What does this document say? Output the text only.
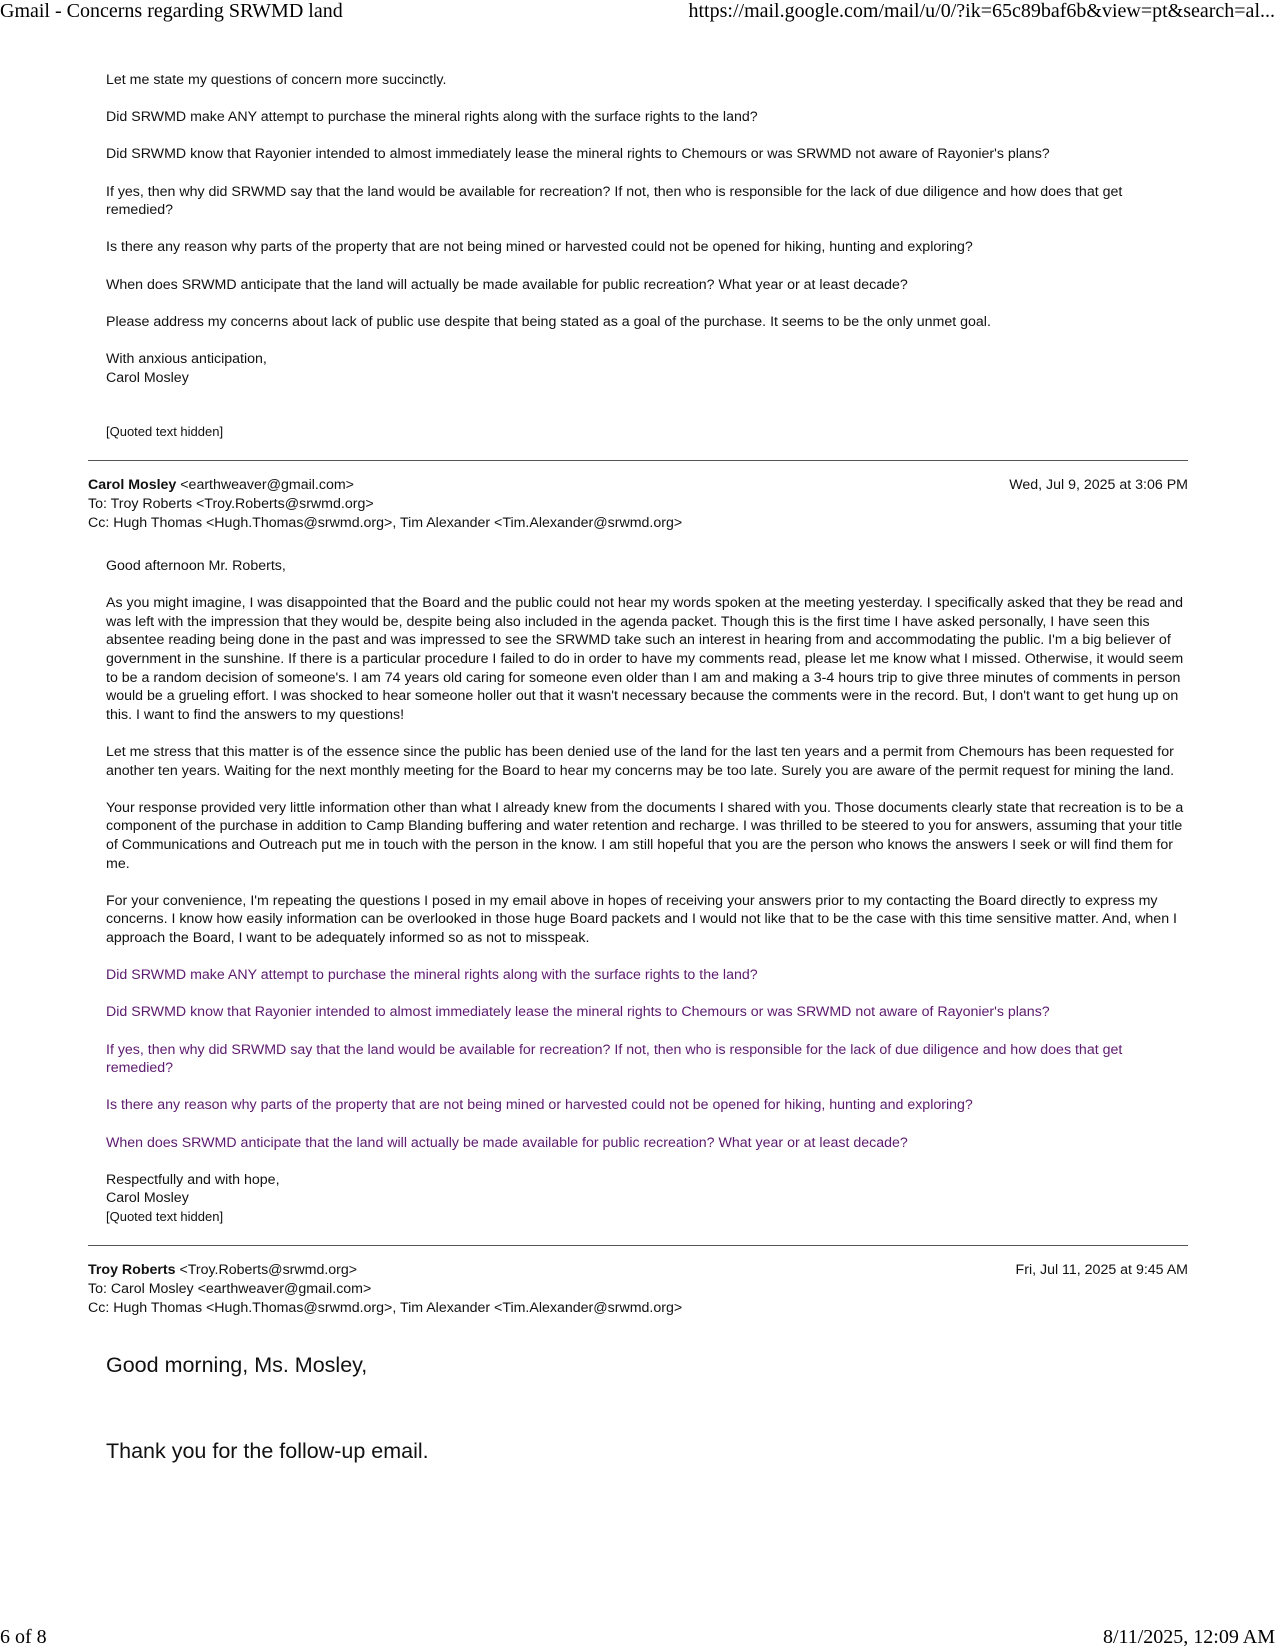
Gmail - Concerns regarding SRWMD land	https://mail.google.com/mail/u/0/?ik=65c89baf6b&view=pt&search=al...

Let me state my questions of concern more succinctly.

Did SRWMD make ANY attempt to purchase the mineral rights along with the surface rights to the land?

Did SRWMD know that Rayonier intended to almost immediately lease the mineral rights to Chemours or was SRWMD not aware of Rayonier's plans?

If yes, then why did SRWMD say that the land would be available for recreation? If not, then who is responsible for the lack of due diligence and how does that get remedied?

Is there any reason why parts of the property that are not being mined or harvested could not be opened for hiking, hunting and exploring?

When does SRWMD anticipate that the land will actually be made available for public recreation? What year or at least decade?

Please address my concerns about lack of public use despite that being stated as a goal of the purchase. It seems to be the only unmet goal.

With anxious anticipation,
Carol Mosley
[Quoted text hidden]
Carol Mosley <earthweaver@gmail.com>	Wed, Jul 9, 2025 at 3:06 PM
To: Troy Roberts <Troy.Roberts@srwmd.org>
Cc: Hugh Thomas <Hugh.Thomas@srwmd.org>, Tim Alexander <Tim.Alexander@srwmd.org>

Good afternoon Mr. Roberts,

As you might imagine, I was disappointed that the Board and the public could not hear my words spoken at the meeting yesterday. I specifically asked that they be read and was left with the impression that they would be, despite being also included in the agenda packet. Though this is the first time I have asked personally, I have seen this absentee reading being done in the past and was impressed to see the SRWMD take such an interest in hearing from and accommodating the public. I'm a big believer of government in the sunshine. If there is a particular procedure I failed to do in order to have my comments read, please let me know what I missed. Otherwise, it would seem to be a random decision of someone's. I am 74 years old caring for someone even older than I am and making a 3-4 hours trip to give three minutes of comments in person would be a grueling effort. I was shocked to hear someone holler out that it wasn't necessary because the comments were in the record. But, I don't want to get hung up on this. I want to find the answers to my questions!

Let me stress that this matter is of the essence since the public has been denied use of the land for the last ten years and a permit from Chemours has been requested for another ten years. Waiting for the next monthly meeting for the Board to hear my concerns may be too late. Surely you are aware of the permit request for mining the land.

Your response provided very little information other than what I already knew from the documents I shared with you. Those documents clearly state that recreation is to be a component of the purchase in addition to Camp Blanding buffering and water retention and recharge. I was thrilled to be steered to you for answers, assuming that your title of Communications and Outreach put me in touch with the person in the know. I am still hopeful that you are the person who knows the answers I seek or will find them for me.

For your convenience, I'm repeating the questions I posed in my email above in hopes of receiving your answers prior to my contacting the Board directly to express my concerns. I know how easily information can be overlooked in those huge Board packets and I would not like that to be the case with this time sensitive matter. And, when I approach the Board, I want to be adequately informed so as not to misspeak.

Did SRWMD make ANY attempt to purchase the mineral rights along with the surface rights to the land?

Did SRWMD know that Rayonier intended to almost immediately lease the mineral rights to Chemours or was SRWMD not aware of Rayonier's plans?

If yes, then why did SRWMD say that the land would be available for recreation? If not, then who is responsible for the lack of due diligence and how does that get remedied?

Is there any reason why parts of the property that are not being mined or harvested could not be opened for hiking, hunting and exploring?

When does SRWMD anticipate that the land will actually be made available for public recreation? What year or at least decade?

Respectfully and with hope,
Carol Mosley
[Quoted text hidden]
Troy Roberts <Troy.Roberts@srwmd.org>	Fri, Jul 11, 2025 at 9:45 AM
To: Carol Mosley <earthweaver@gmail.com>
Cc: Hugh Thomas <Hugh.Thomas@srwmd.org>, Tim Alexander <Tim.Alexander@srwmd.org>

Good morning, Ms. Mosley,

Thank you for the follow-up email.

6 of 8	8/11/2025, 12:09 AM
